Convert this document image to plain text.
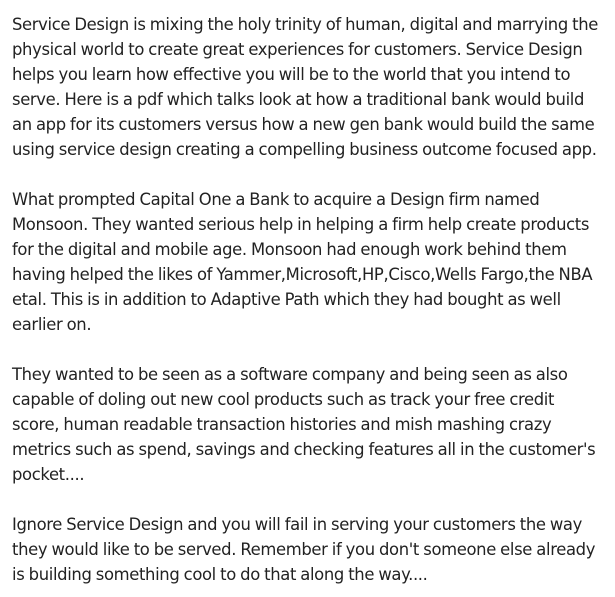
Service Design is mixing the holy trinity of human, digital and marrying the physical world to create great experiences for customers. Service Design helps you learn how effective you will be to the world that you intend to serve. Here is a pdf which talks look at how a traditional bank would build an app for its customers versus how a new gen bank would build the same using service design creating a compelling business outcome focused app.

What prompted Capital One a Bank to acquire a Design firm named Monsoon. They wanted serious help in helping a firm help create products for the digital and mobile age. Monsoon had enough work behind them having helped the likes of Yammer,Microsoft,HP,Cisco,Wells Fargo,the NBA etal. This is in addition to Adaptive Path which they had bought as well earlier on.

They wanted to be seen as a software company and being seen as also capable of doling out new cool products such as track your free credit score, human readable transaction histories and mish mashing crazy metrics such as spend, savings and checking features all in the customer's pocket....

Ignore Service Design and you will fail in serving your customers the way they would like to be served. Remember if you don't someone else already is building something cool to do that along the way....
